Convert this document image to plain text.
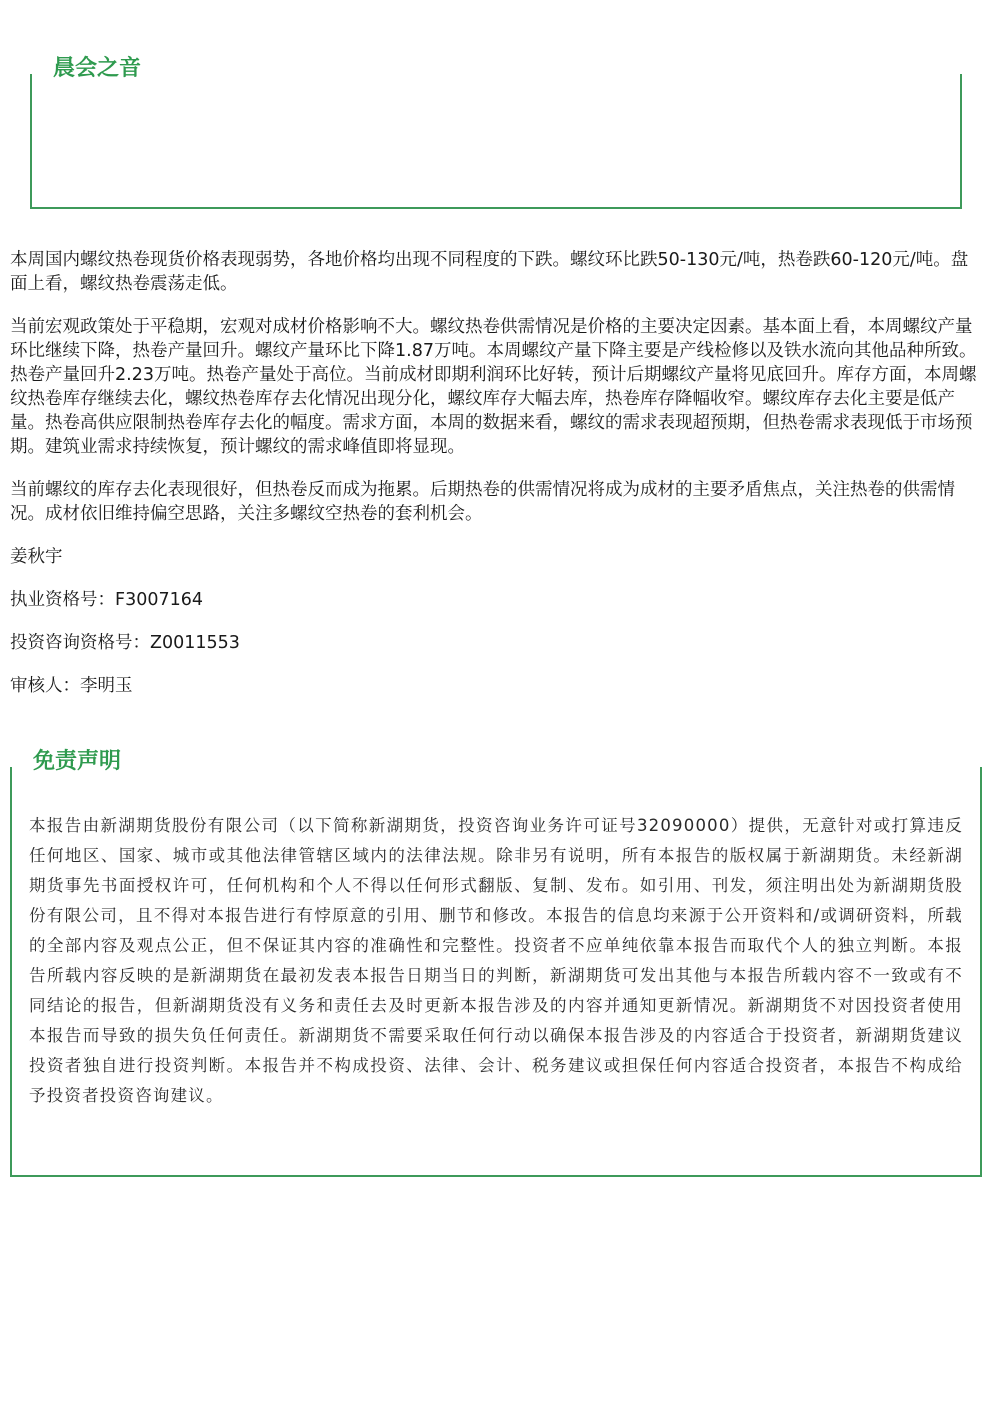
晨会之音

本周国内螺纹热卷现货价格表现弱势，各地价格均出现不同程度的下跌。螺纹环比跌50-130元/吨，热卷跌60-120元/吨。盘面上看，螺纹热卷震荡走低。

当前宏观政策处于平稳期，宏观对成材价格影响不大。螺纹热卷供需情况是价格的主要决定因素。基本面上看，本周螺纹产量环比继续下降，热卷产量回升。螺纹产量环比下降1.87万吨。本周螺纹产量下降主要是产线检修以及铁水流向其他品种所致。热卷产量回升2.23万吨。热卷产量处于高位。当前成材即期利润环比好转，预计后期螺纹产量将见底回升。库存方面，本周螺纹热卷库存继续去化，螺纹热卷库存去化情况出现分化，螺纹库存大幅去库，热卷库存降幅收窄。螺纹库存去化主要是低产量。热卷高供应限制热卷库存去化的幅度。需求方面，本周的数据来看，螺纹的需求表现超预期，但热卷需求表现低于市场预期。建筑业需求持续恢复，预计螺纹的需求峰值即将显现。

当前螺纹的库存去化表现很好，但热卷反而成为拖累。后期热卷的供需情况将成为成材的主要矛盾焦点，关注热卷的供需情况。成材依旧维持偏空思路，关注多螺纹空热卷的套利机会。

姜秋宇
执业资格号：F3007164
投资咨询资格号：Z0011553
审核人：李明玉
免责声明
本报告由新湖期货股份有限公司（以下简称新湖期货，投资咨询业务许可证号32090000）提供，无意针对或打算违反任何地区、国家、城市或其他法律管辖区域内的法律法规。除非另有说明，所有本报告的版权属于新湖期货。未经新湖期货事先书面授权许可，任何机构和个人不得以任何形式翻版、复制、发布。如引用、刊发，须注明出处为新湖期货股份有限公司，且不得对本报告进行有悖原意的引用、删节和修改。本报告的信息均来源于公开资料和/或调研资料，所载的全部内容及观点公正，但不保证其内容的准确性和完整性。投资者不应单纯依靠本报告而取代个人的独立判断。本报告所载内容反映的是新湖期货在最初发表本报告日期当日的判断，新湖期货可发出其他与本报告所载内容不一致或有不同结论的报告，但新湖期货没有义务和责任去及时更新本报告涉及的内容并通知更新情况。新湖期货不对因投资者使用本报告而导致的损失负任何责任。新湖期货不需要采取任何行动以确保本报告涉及的内容适合于投资者，新湖期货建议投资者独自进行投资判断。本报告并不构成投资、法律、会计、税务建议或担保任何内容适合投资者，本报告不构成给予投资者投资咨询建议。
